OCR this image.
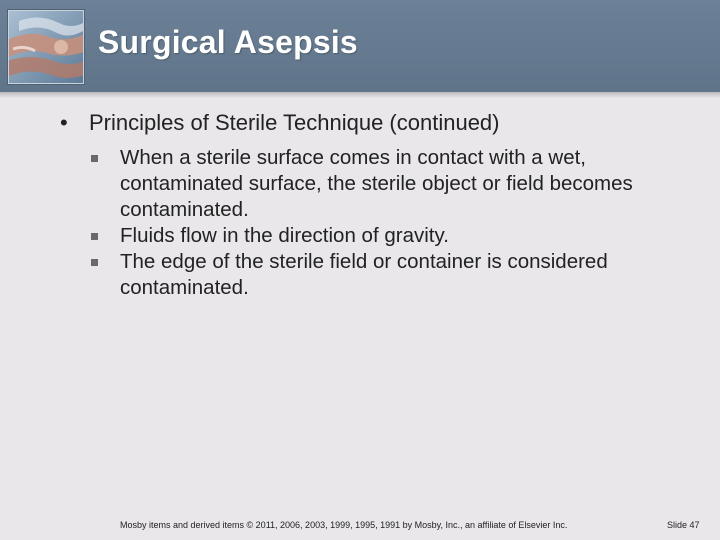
Surgical Asepsis
• Principles of Sterile Technique (continued)
When a sterile surface comes in contact with a wet, contaminated surface, the sterile object or field becomes contaminated.
Fluids flow in the direction of gravity.
The edge of the sterile field or container is considered contaminated.
Mosby items and derived items © 2011, 2006, 2003, 1999, 1995, 1991 by Mosby, Inc., an affiliate of Elsevier Inc.	Slide 47
